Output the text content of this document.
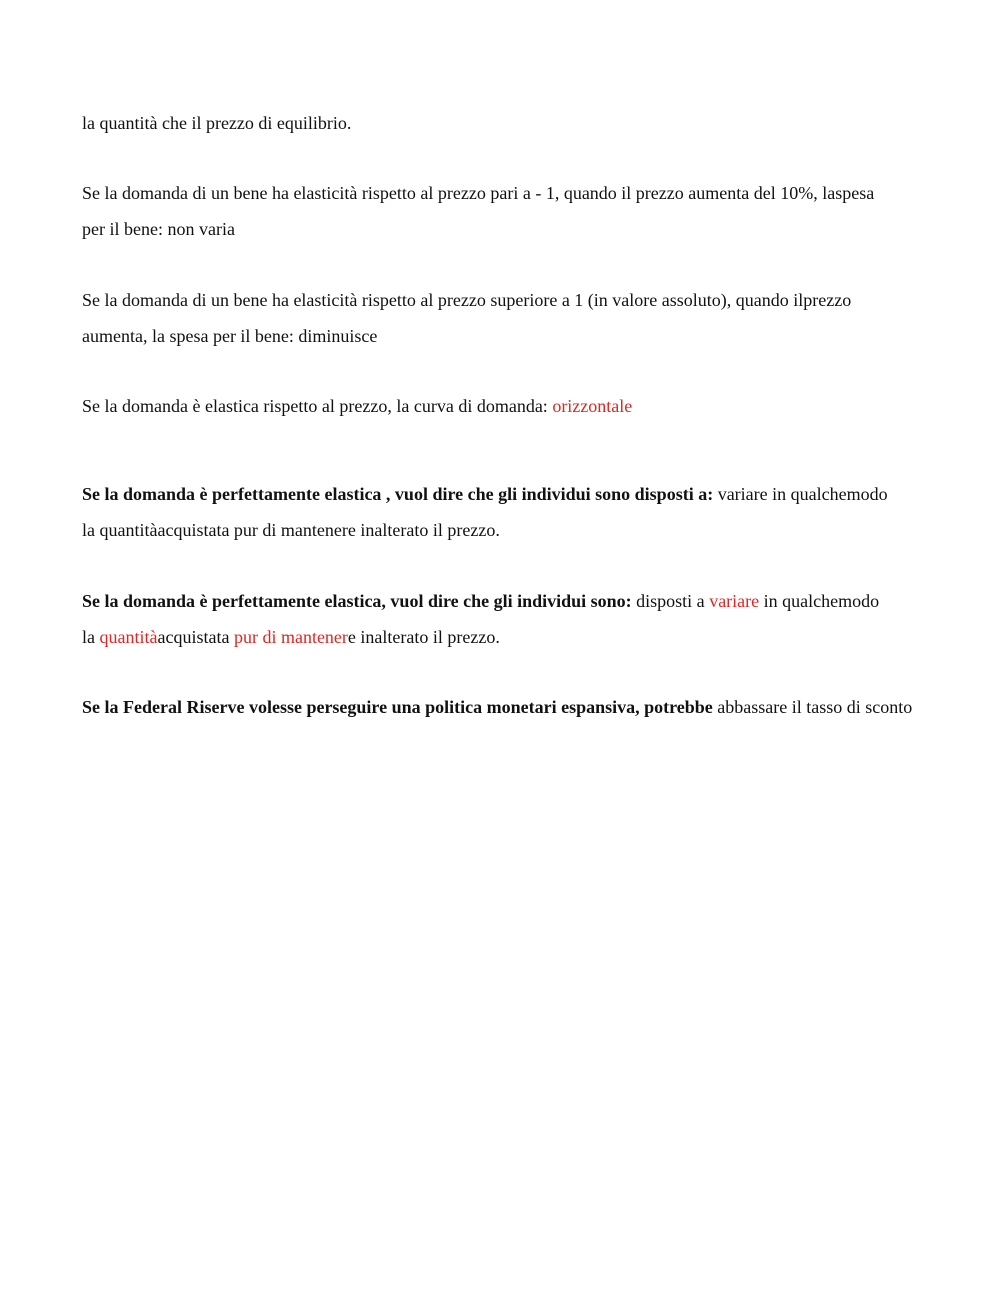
la quantità che il prezzo di equilibrio.

Se la domanda di un bene ha elasticità rispetto al prezzo pari a - 1, quando il prezzo aumenta del 10%, laspesa
per il bene: non varia

Se la domanda di un bene ha elasticità rispetto al prezzo superiore a 1 (in valore assoluto), quando ilprezzo
aumenta, la spesa per il bene: diminuisce

Se la domanda è elastica rispetto al prezzo, la curva di domanda: orizzontale

Se la domanda è perfettamente elastica , vuol dire che gli individui sono disposti a: variare in qualchemodo
la quantitàacquistata pur di mantenere inalterato il prezzo.

Se la domanda è perfettamente elastica, vuol dire che gli individui sono: disposti a variare in qualchemodo
la quantitàacquistata pur di mantenere inalterato il prezzo.

Se la Federal Riserve volesse perseguire una politica monetari espansiva, potrebbe abbassare il tasso di sconto
